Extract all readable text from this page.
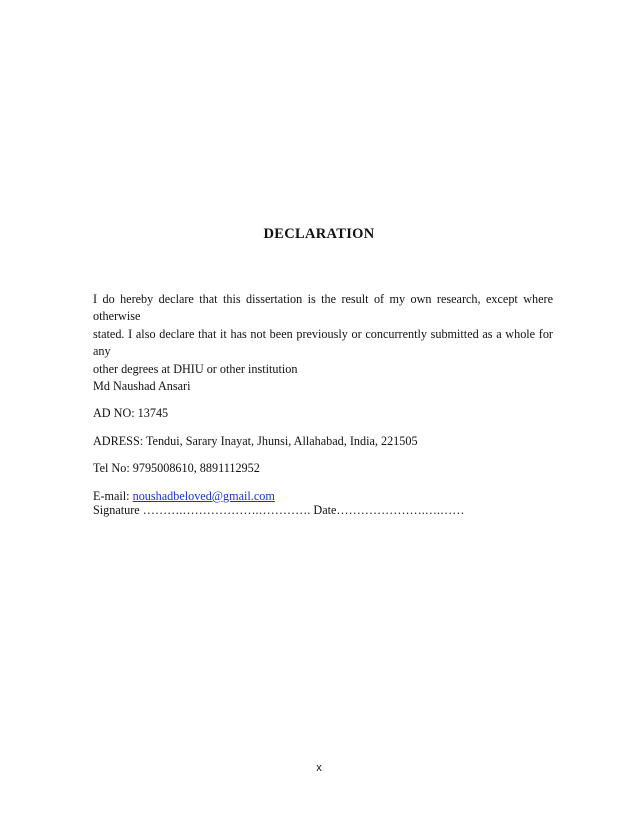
DECLARATION

I do hereby declare that this dissertation is the result of my own research, except where otherwise

stated. I also declare that it has not been previously or concurrently submitted as a whole for any

other degrees at DHIU or other institution

Md Naushad Ansari

AD NO: 13745

ADRESS: Tendui, Sarary Inayat, Jhunsi, Allahabad, India, 221505

Tel No: 9795008610, 8891112952

E-mail: noushadbeloved@gmail.com

Signature ……….……………….…………. Date………………….….……
x
